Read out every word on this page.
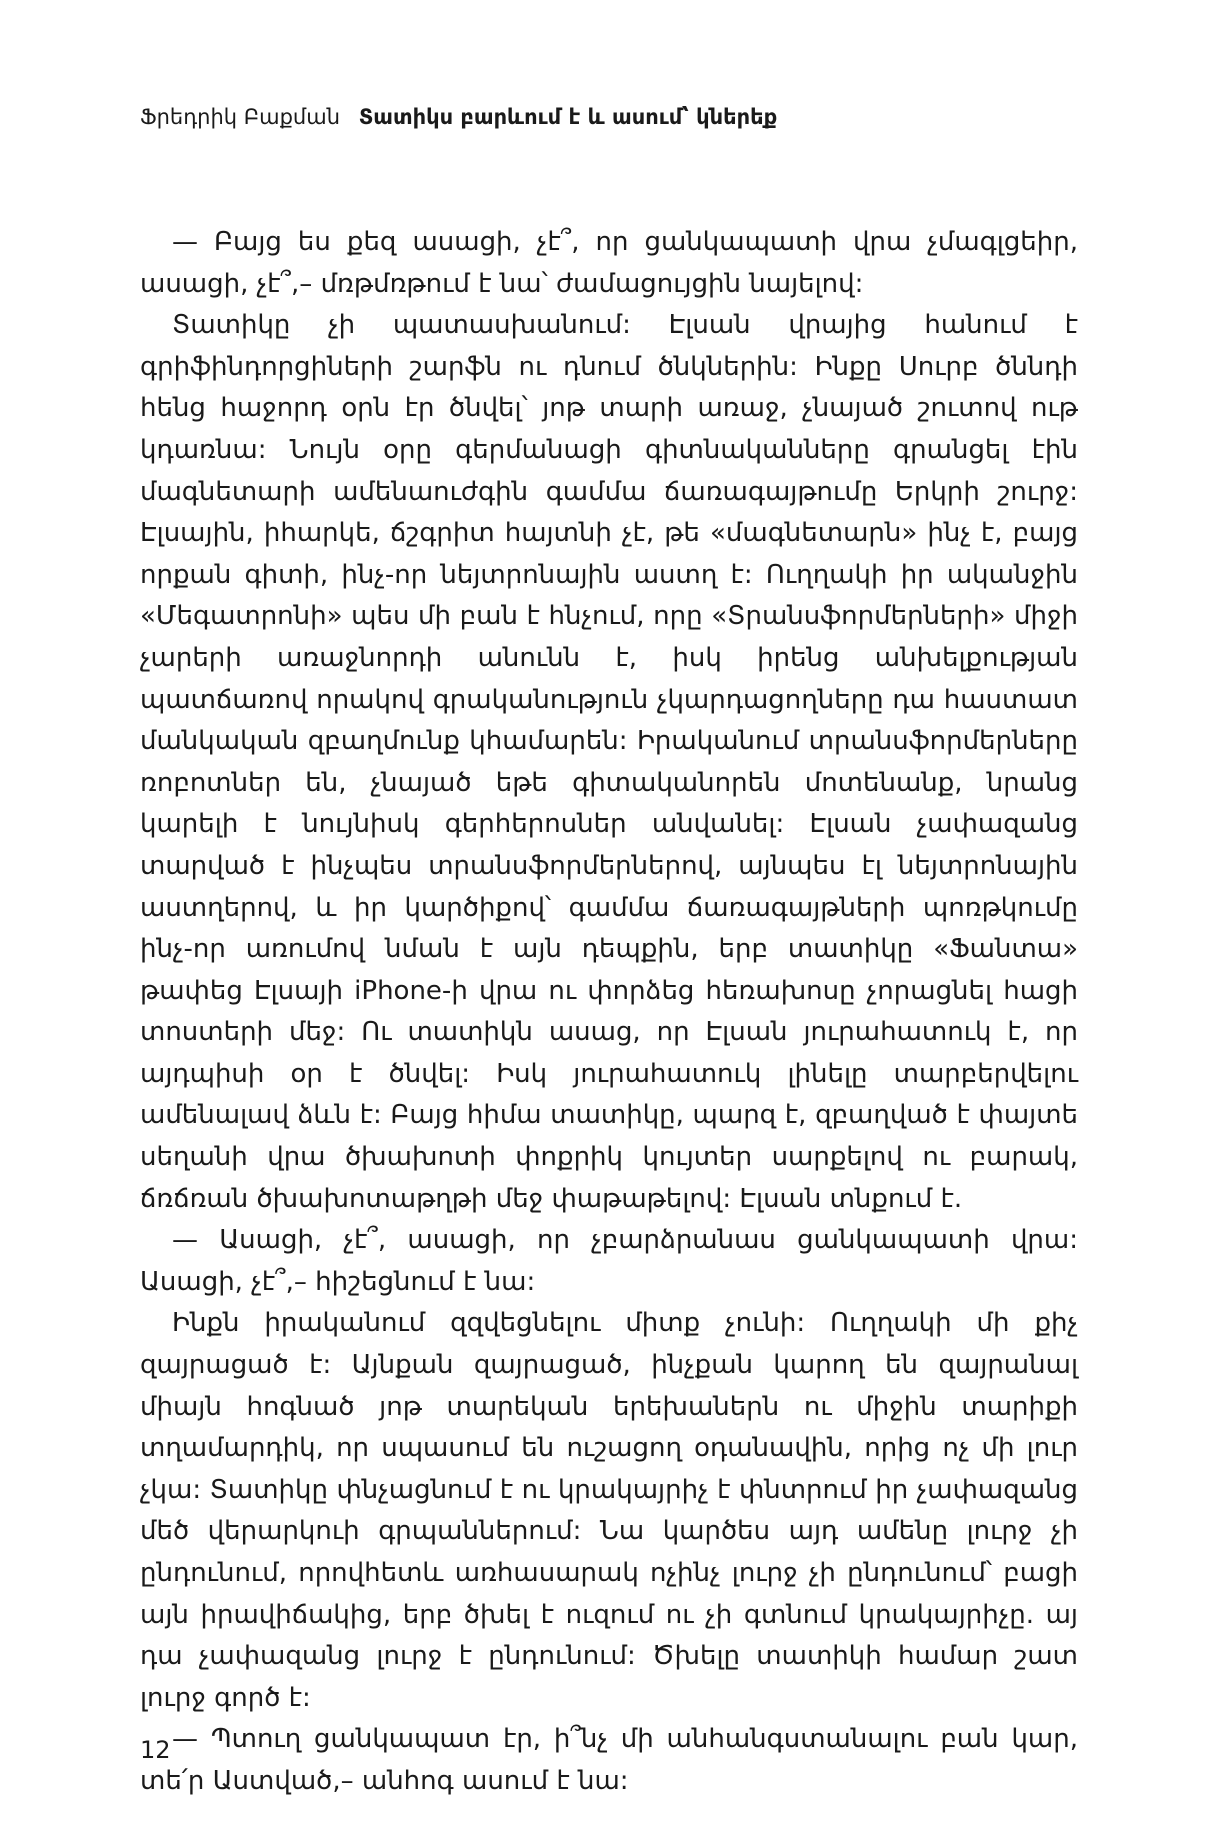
Ֆրեդրիկ Բաքման Տատիկս բարևում է և ասում՝ կներեք

— Բայց ես քեզ ասացի, չէ՞, որ ցանկապատի վրա չմագլցեիր, ասացի, չէ՞,– մռթմռթում է նա՝ ժամացույցին նայելով:

Տատիկը չի պատասխանում: Էլսան վրայից հանում է գրիֆինդորցիների շարֆն ու դնում ծնկներին: Ինքը Սուրբ ծննդի հենց հաջորդ օրն էր ծնվել՝ յոթ տարի առաջ, չնայած շուտով ութ կդառնա: Նույն օրը գերմանացի գիտնականները գրանցել էին մագնետարի ամենաուժգին գամմա ճառագայթումը Երկրի շուրջ: Էլսային, իհարկե, ճշգրիտ հայտնի չէ, թե «մագնետարն» ինչ է, բայց որքան գիտի, ինչ-որ նեյտրոնային աստղ է: Ուղղակի իր ականջին «Մեգատրոնի» պես մի բան է հնչում, որը «Տրանսֆորմերների» միջի չարերի առաջնորդի անունն է, իսկ իրենց անխելքության պատճառով որակով գրականություն չկարդացողները դա հաստատ մանկական զբաղմունք կհամարեն: Իրականում տրանսֆորմերները ռոբոտներ են, չնայած եթե գիտականորեն մոտենանք, նրանց կարելի է նույնիսկ գերհերոսներ անվանել: Էլսան չափազանց տարված է ինչպես տրանսֆորմերներով, այնպես էլ նեյտրոնային աստղերով, և իր կարծիքով՝ գամմա ճառագայթների պոռթկումը ինչ-որ առումով նման է այն դեպքին, երբ տատիկը «Ֆանտա» թափեց Էլսայի iPhone-ի վրա ու փորձեց հեռախոսը չորացնել հացի տոստերի մեջ: Ու տատիկն ասաց, որ Էլսան յուրահատուկ է, որ այդպիսի օր է ծնվել: Իսկ յուրահատուկ լինելը տարբերվելու ամենալավ ձևն է: Բայց հիմա տատիկը, պարզ է, զբաղված է փայտե սեղանի վրա ծխախոտի փոքրիկ կույտեր սարքելով ու բարակ, ճռճռան ծխախոտաթղթի մեջ փաթաթելով: Էլսան տնքում է.

— Ասացի, չէ՞, ասացի, որ չբարձրանաս ցանկապատի վրա: Ասացի, չէ՞,– հիշեցնում է նա:

Ինքն իրականում զզվեցնելու միտք չունի: Ուղղակի մի քիչ զայրացած է: Այնքան զայրացած, ինչքան կարող են զայրանալ միայն հոգնած յոթ տարեկան երեխաներն ու միջին տարիքի տղամարդիկ, որ սպասում են ուշացող օդանավին, որից ոչ մի լուր չկա: Տատիկը փնչացնում է ու կրակայրիչ է փնտրում իր չափազանց մեծ վերարկուի գրպաններում: Նա կարծես այդ ամենը լուրջ չի ընդունում, որովհետև առհասարակ ոչինչ լուրջ չի ընդունում՝ բացի այն իրավիճակից, երբ ծխել է ուզում ու չի գտնում կրակայրիչը. այ դա չափազանց լուրջ է ընդունում: Ծխելը տատիկի համար շատ լուրջ գործ է:

— Պտուղ ցանկապատ էր, ի՞նչ մի անհանգստանալու բան կար, տե՛ր Աստված,– անհոգ ասում է նա:

12
